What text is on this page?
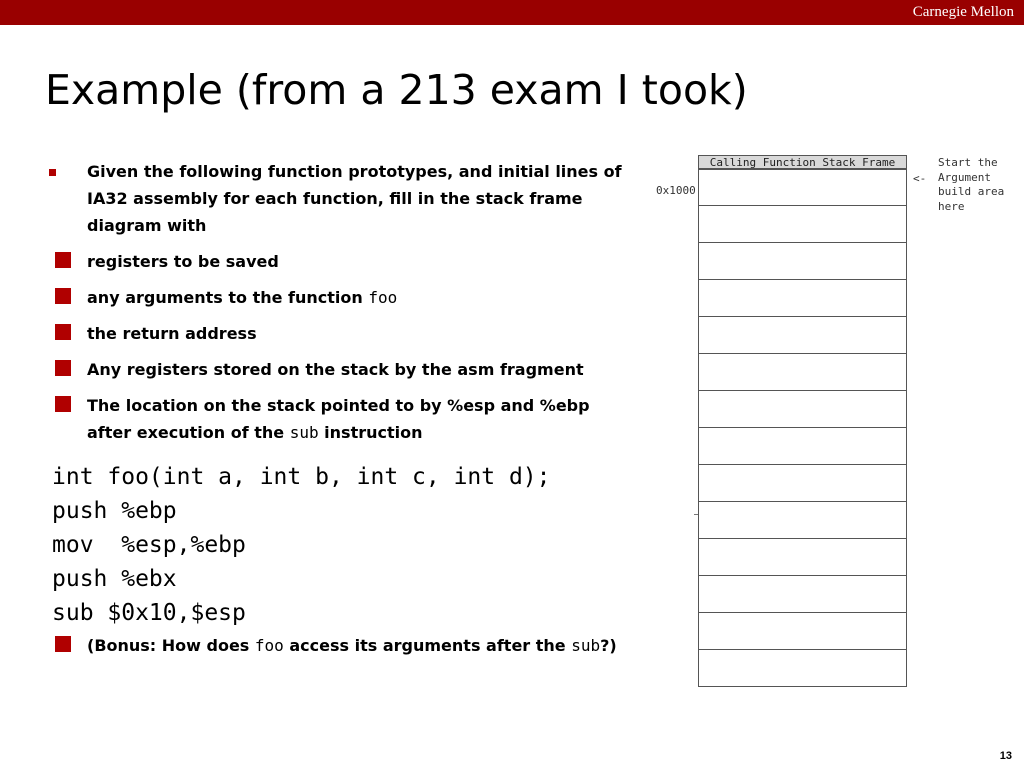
Carnegie Mellon
Example (from a 213 exam I took)
Given the following function prototypes, and initial lines of IA32 assembly for each function, fill in the stack frame diagram with
registers to be saved
any arguments to the function foo
the return address
Any registers stored on the stack by the asm fragment
The location on the stack pointed to by %esp and %ebp after execution of the sub instruction
int foo(int a, int b, int c, int d);
push %ebp
mov  %esp,%ebp
push %ebx
sub $0x10,$esp
(Bonus: How does foo access its arguments after the sub?)
Calling Function Stack Frame
0x1000
<-
Start the
Argument
build area
here
13
